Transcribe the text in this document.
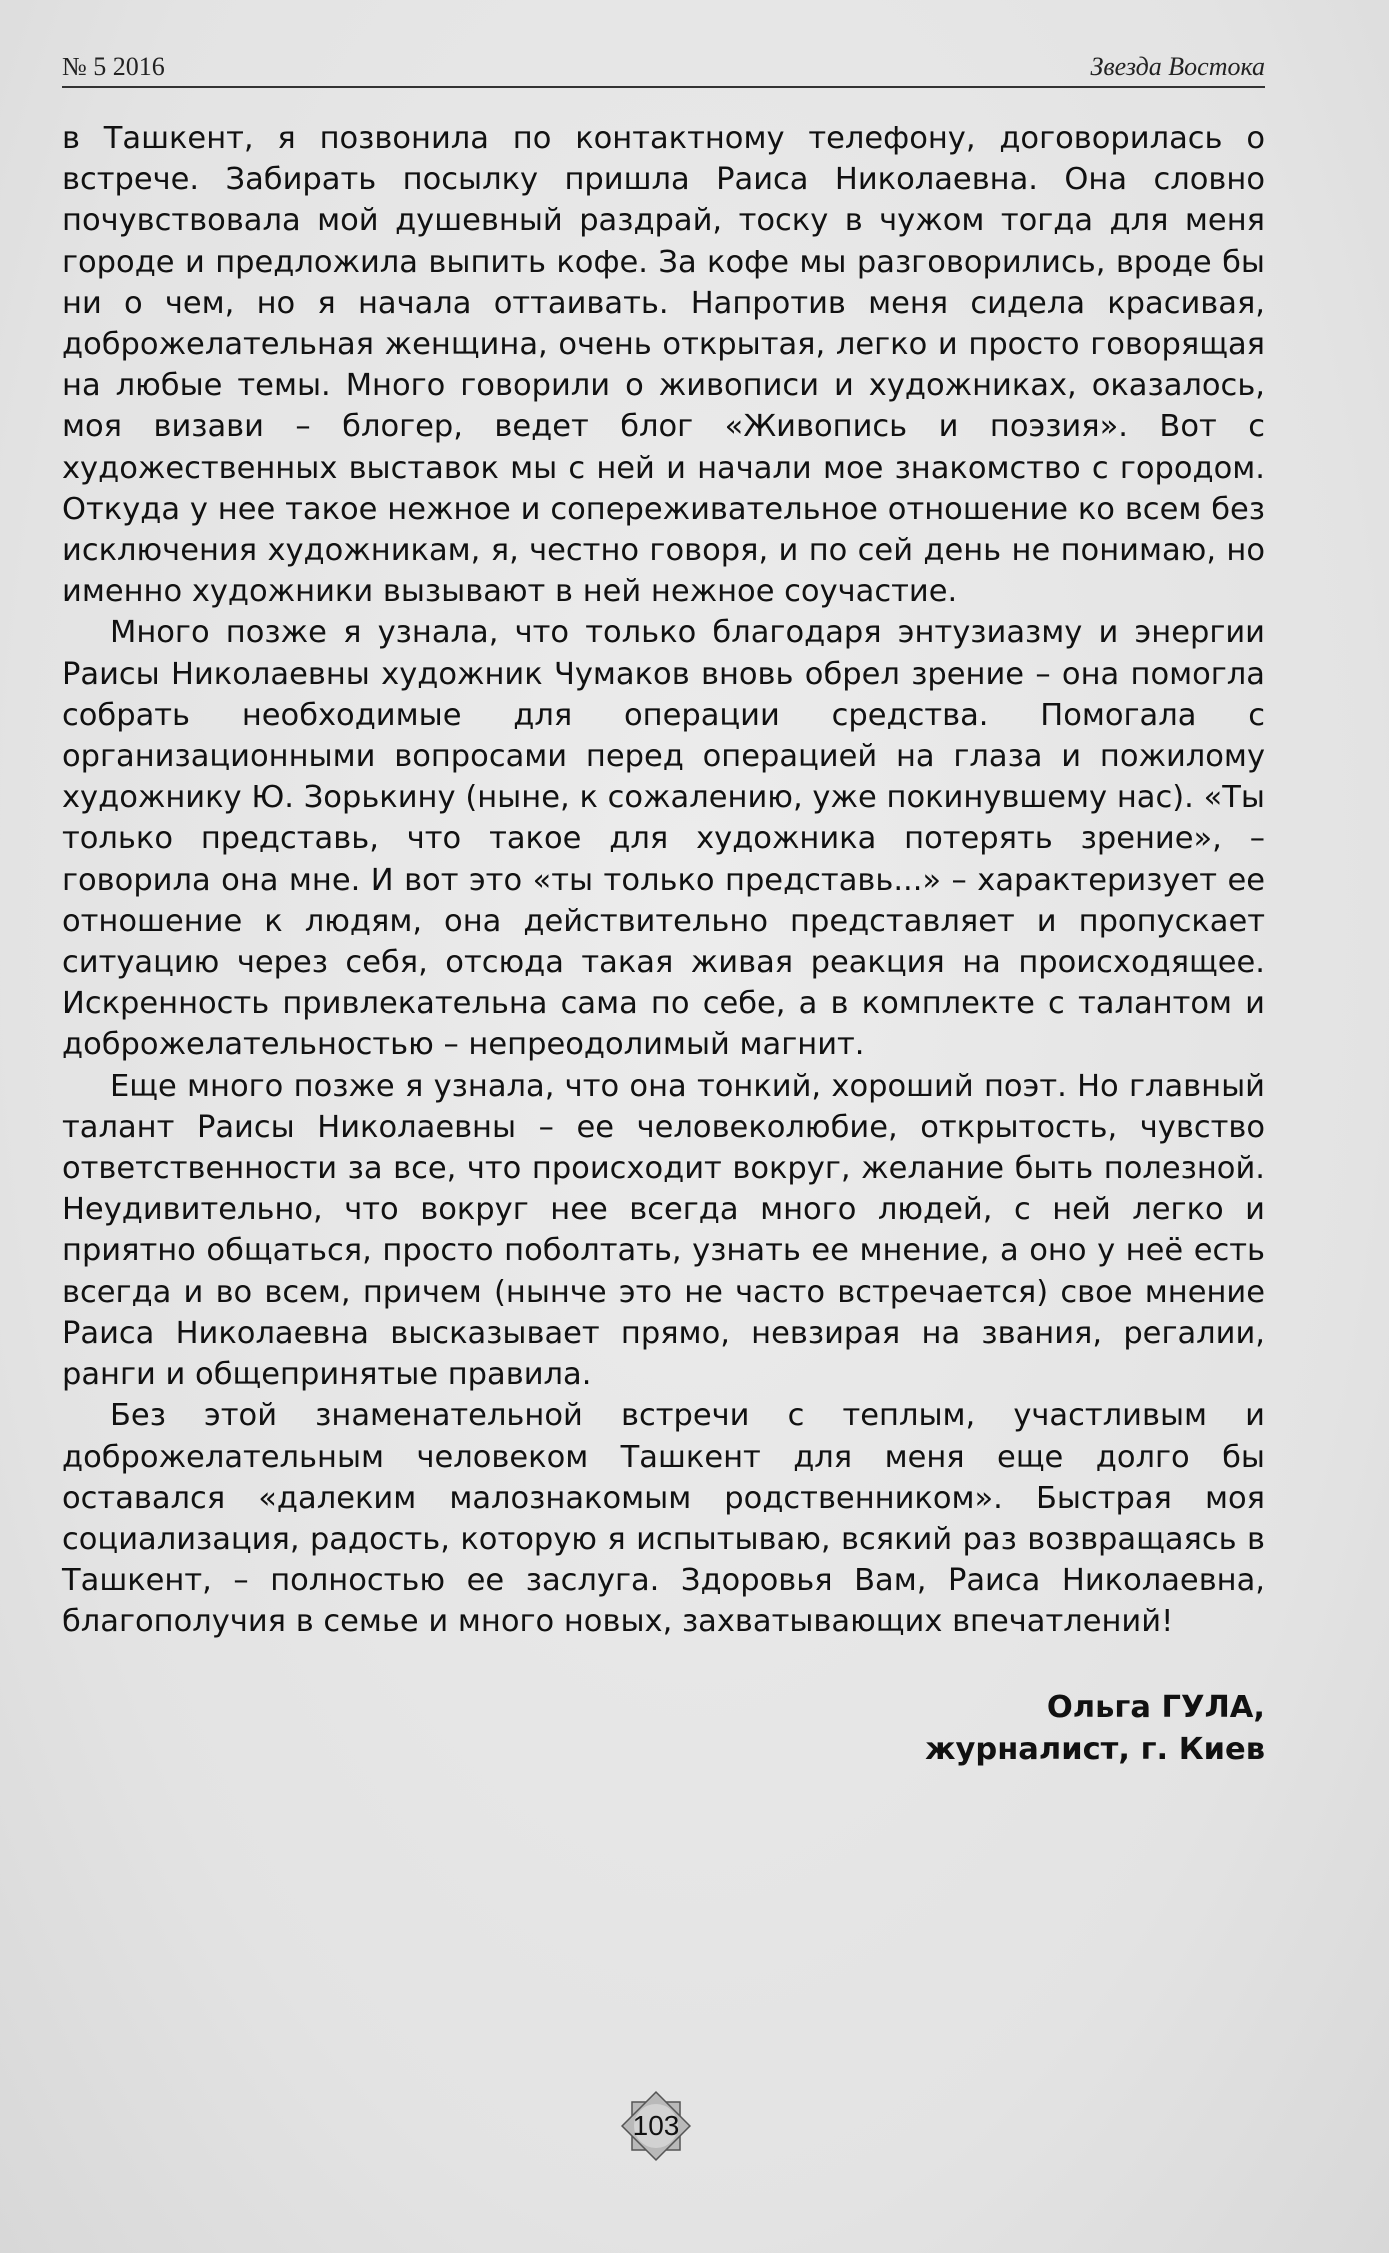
№ 5 2016	Звезда Востока

в Ташкент, я позвонила по контактному телефону, договорилась о встрече. Забирать посылку пришла Раиса Николаевна. Она словно почувствовала мой душевный раздрай, тоску в чужом тогда для меня городе и предложила выпить кофе. За кофе мы разговорились, вроде бы ни о чем, но я начала оттаивать. Напротив меня сидела красивая, доброжелательная женщина, очень открытая, легко и просто говорящая на любые темы. Много говорили о живописи и художниках, оказалось, моя визави – блогер, ведет блог «Живопись и поэзия». Вот с художественных выставок мы с ней и начали мое знакомство с городом. Откуда у нее такое нежное и сопереживательное отношение ко всем без исключения художникам, я, честно говоря, и по сей день не понимаю, но именно художники вызывают в ней нежное соучастие.

Много позже я узнала, что только благодаря энтузиазму и энергии Раисы Николаевны художник Чумаков вновь обрел зрение – она помогла собрать необходимые для операции средства. Помогала с организационными вопросами перед операцией на глаза и пожилому художнику Ю. Зорькину (ныне, к сожалению, уже покинувшему нас). «Ты только представь, что такое для художника потерять зрение», – говорила она мне. И вот это «ты только представь...» – характеризует ее отношение к людям, она действительно представляет и пропускает ситуацию через себя, отсюда такая живая реакция на происходящее. Искренность привлекательна сама по себе, а в комплекте с талантом и доброжелательностью – непреодолимый магнит.

Еще много позже я узнала, что она тонкий, хороший поэт. Но главный талант Раисы Николаевны – ее человеколюбие, открытость, чувство ответственности за все, что происходит вокруг, желание быть полезной. Неудивительно, что вокруг нее всегда много людей, с ней легко и приятно общаться, просто поболтать, узнать ее мнение, а оно у неё есть всегда и во всем, причем (нынче это не часто встречается) свое мнение Раиса Николаевна высказывает прямо, невзирая на звания, регалии, ранги и общепринятые правила.

Без этой знаменательной встречи с теплым, участливым и доброжелательным человеком Ташкент для меня еще долго бы оставался «далеким малознакомым родственником». Быстрая моя социализация, радость, которую я испытываю, всякий раз возвращаясь в Ташкент, – полностью ее заслуга. Здоровья Вам, Раиса Николаевна, благополучия в семье и много новых, захватывающих впечатлений!

Ольга ГУЛА,
журналист, г. Киев
103
